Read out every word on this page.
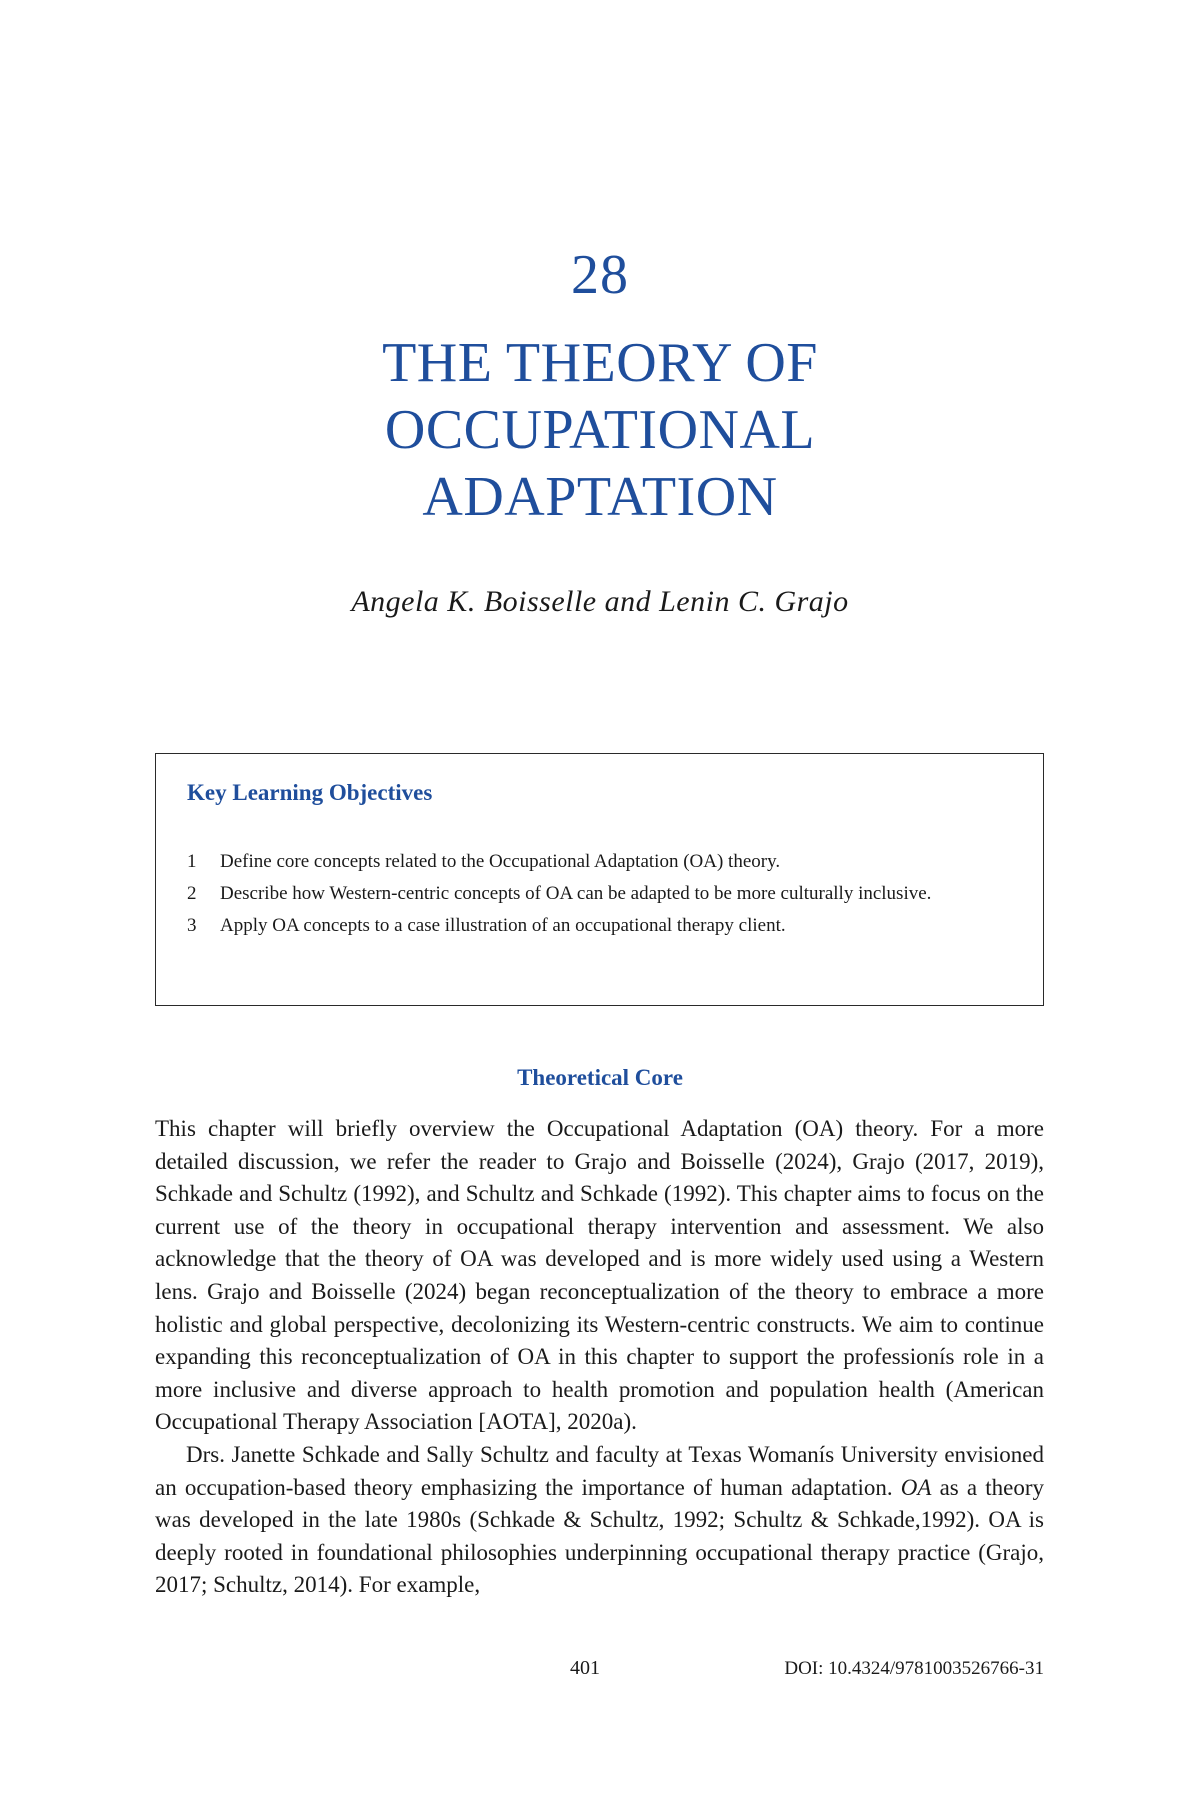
28
THE THEORY OF
OCCUPATIONAL
ADAPTATION
Angela K. Boisselle and Lenin C. Grajo
Key Learning Objectives
1	Define core concepts related to the Occupational Adaptation (OA) theory.
2	Describe how Western-centric concepts of OA can be adapted to be more culturally inclusive.
3	Apply OA concepts to a case illustration of an occupational therapy client.
Theoretical Core

This chapter will briefly overview the Occupational Adaptation (OA) theory. For a more detailed discussion, we refer the reader to Grajo and Boisselle (2024), Grajo (2017, 2019), Schkade and Schultz (1992), and Schultz and Schkade (1992). This chapter aims to focus on the current use of the theory in occupational therapy intervention and assessment. We also acknowledge that the theory of OA was developed and is more widely used using a Western lens. Grajo and Boisselle (2024) began reconceptualization of the theory to embrace a more holistic and global perspective, decolonizing its Western-centric constructs. We aim to continue expanding this reconceptualization of OA in this chapter to support the professionís role in a more inclusive and diverse approach to health promotion and population health (American Occupational Therapy Association [AOTA], 2020a).

Drs. Janette Schkade and Sally Schultz and faculty at Texas Womanís University envisioned an occupation-based theory emphasizing the importance of human adaptation. OA as a theory was developed in the late 1980s (Schkade & Schultz, 1992; Schultz & Schkade,1992). OA is deeply rooted in foundational philosophies underpinning occupational therapy practice (Grajo, 2017; Schultz, 2014). For example,

401	DOI: 10.4324/9781003526766-31
